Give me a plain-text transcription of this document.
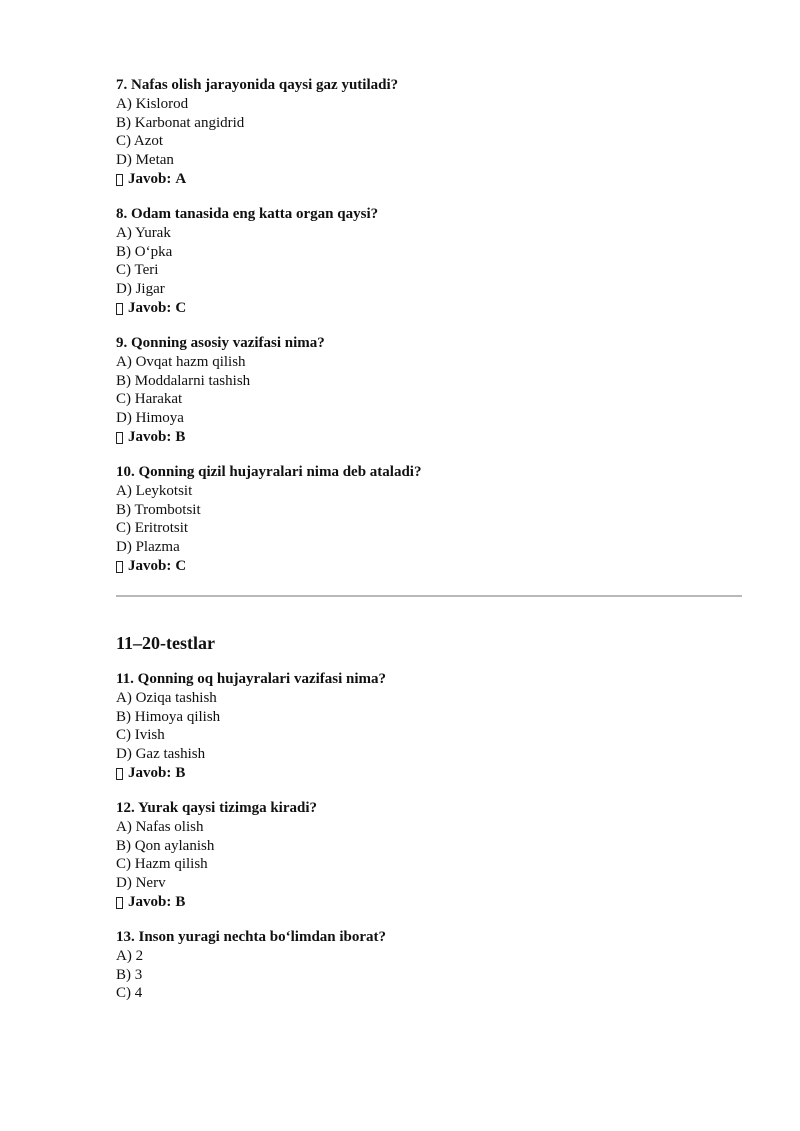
7. Nafas olish jarayonida qaysi gaz yutiladi?
A) Kislorod
B) Karbonat angidrid
C) Azot
D) Metan
Javob: A
8. Odam tanasida eng katta organ qaysi?
A) Yurak
B) O‘pka
C) Teri
D) Jigar
Javob: C
9. Qonning asosiy vazifasi nima?
A) Ovqat hazm qilish
B) Moddalarni tashish
C) Harakat
D) Himoya
Javob: B
10. Qonning qizil hujayralari nima deb ataladi?
A) Leykotsit
B) Trombotsit
C) Eritrotsit
D) Plazma
Javob: C
11–20-testlar
11. Qonning oq hujayralari vazifasi nima?
A) Oziqa tashish
B) Himoya qilish
C) Ivish
D) Gaz tashish
Javob: B
12. Yurak qaysi tizimga kiradi?
A) Nafas olish
B) Qon aylanish
C) Hazm qilish
D) Nerv
Javob: B
13. Inson yuragi nechta bo‘limdan iborat?
A) 2
B) 3
C) 4
